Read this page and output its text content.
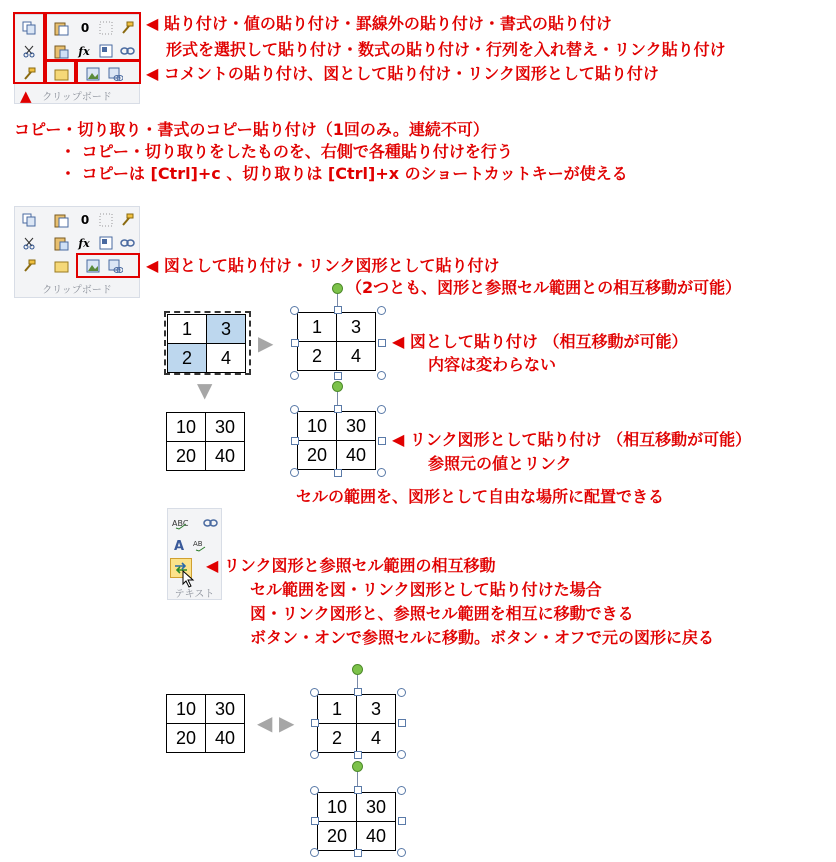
0
fx
クリップボード
◀ 貼り付け・値の貼り付け・罫線外の貼り付け・書式の貼り付け
形式を選択して貼り付け・数式の貼り付け・行列を入れ替え・リンク貼り付け
◀ コメントの貼り付け、図として貼り付け・リンク図形として貼り付け
▲
コピー・切り取り・書式のコピー貼り付け（1回のみ。連続不可）
・ コピー・切り取りをしたものを、右側で各種貼り付けを行う
・ コピーは [Ctrl]+c 、切り取りは [Ctrl]+x のショートカットキーが使える
0
fx
クリップボード
◀ 図として貼り付け・リンク図形として貼り付け
（2つとも、図形と参照セル範囲との相互移動が可能）
1	3
2	4
▶
▼
1	3
2	4
◀ 図として貼り付け （相互移動が可能）
内容は変わらない
10	30
20	40
10	30
20	40
◀ リンク図形として貼り付け （相互移動が可能）
参照元の値とリンク
セルの範囲を、図形として自由な場所に配置できる
ABC
A AB
テキスト
◀ リンク図形と参照セル範囲の相互移動
セル範囲を図・リンク図形として貼り付けた場合
図・リンク図形と、参照セル範囲を相互に移動できる
ボタン・オンで参照セルに移動。ボタン・オフで元の図形に戻る
10	30
20	40
◀ ▶
1	3
2	4
10	30
20	40
